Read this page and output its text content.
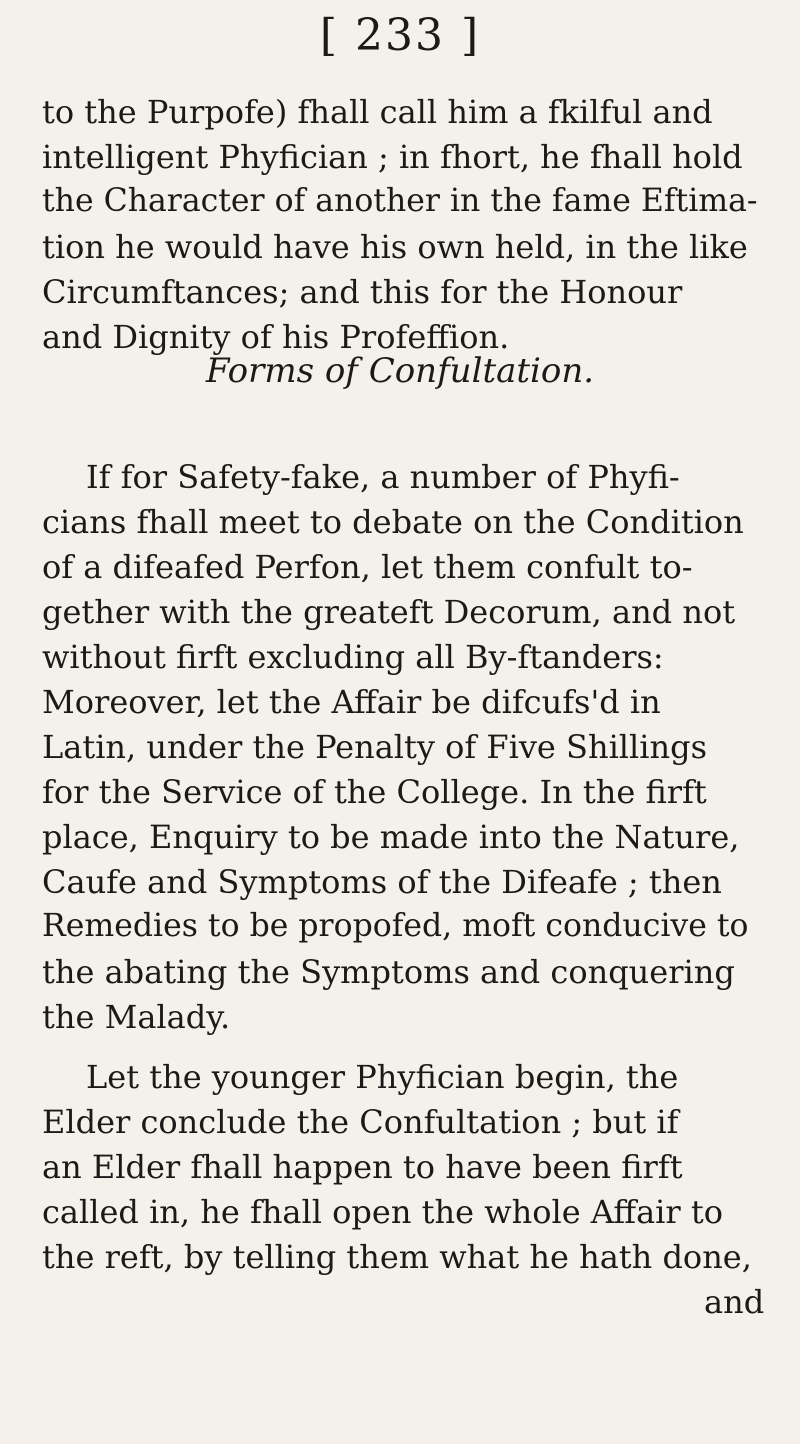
[ 233 ]
to the Purpofe) fhall call him a fkilful and
intelligent Phyfician ; in fhort, he fhall hold
the Character of another in the fame Eftima-
tion he would have his own held, in the like
Circumftances; and this for the Honour
and Dignity of his Profeffion.
Forms of Confultation.
If for Safety-fake, a number of Phyfi-
cians fhall meet to debate on the Condition
of a difeafed Perfon, let them confult to-
gether with the greateft Decorum, and not
without firft excluding all By-ftanders:
Moreover, let the Affair be difcufs'd in
Latin, under the Penalty of Five Shillings
for the Service of the College. In the firft
place, Enquiry to be made into the Nature,
Caufe and Symptoms of the Difeafe ; then
Remedies to be propofed, moft conducive to
the abating the Symptoms and conquering
the Malady.
Let the younger Phyfician begin, the
Elder conclude the Confultation ; but if
an Elder fhall happen to have been firft
called in, he fhall open the whole Affair to
the reft, by telling them what he hath done,
and
